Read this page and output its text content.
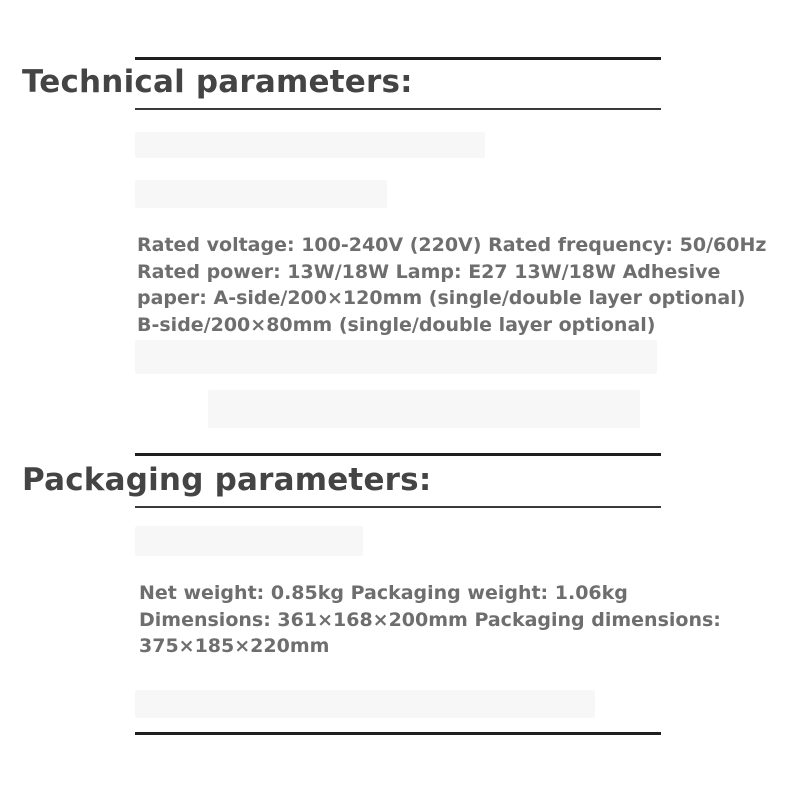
Technical parameters:
Rated voltage: 100-240V (220V) Rated frequency: 50/60Hz
Rated power: 13W/18W Lamp: E27 13W/18W Adhesive
paper: A-side/200×120mm (single/double layer optional)
B-side/200×80mm (single/double layer optional)
Packaging parameters:
Net weight: 0.85kg Packaging weight: 1.06kg
Dimensions: 361×168×200mm Packaging dimensions:
375×185×220mm
